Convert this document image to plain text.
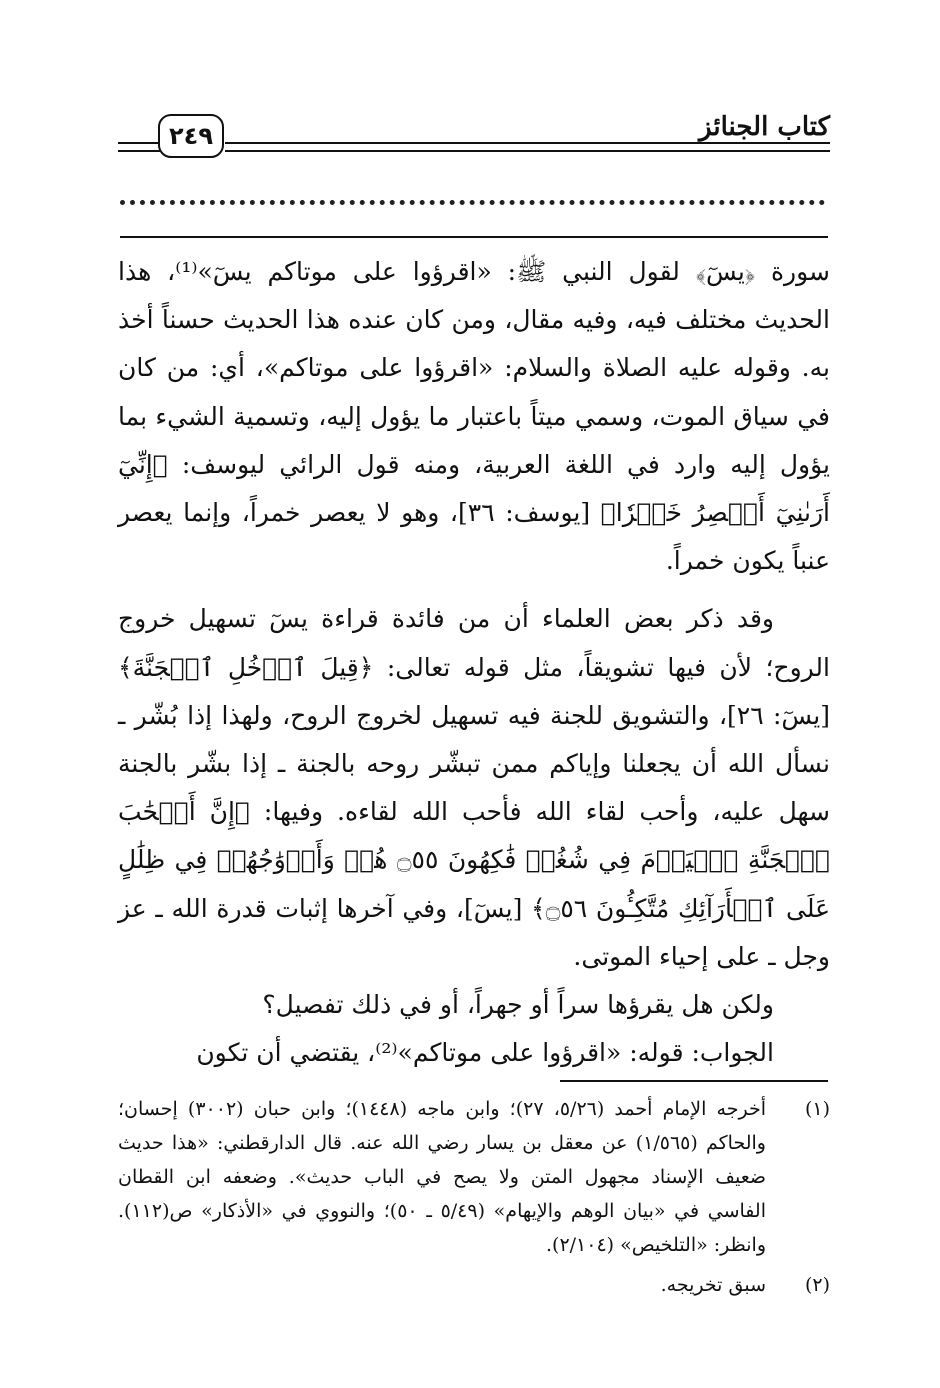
كتاب الجنائز
٢٤٩

سورة ﴿يسٓ﴾ لقول النبي ﷺ: «اقرؤوا على موتاكم يسٓ»⁽¹⁾، هذا الحديث مختلف فيه، وفيه مقال، ومن كان عنده هذا الحديث حسناً أخذ به. وقوله عليه الصلاة والسلام: «اقرؤوا على موتاكم»، أي: من كان في سياق الموت، وسمي ميتاً باعتبار ما يؤول إليه، وتسمية الشيء بما يؤول إليه وارد في اللغة العربية، ومنه قول الرائي ليوسف: ﴿إِنِّيٓ أَرَىٰنِيٓ أَعۡصِرُ خَمۡرٗا﴾ [يوسف: ٣٦]، وهو لا يعصر خمراً، وإنما يعصر عنباً يكون خمراً.

وقد ذكر بعض العلماء أن من فائدة قراءة يسٓ تسهيل خروج الروح؛ لأن فيها تشويقاً، مثل قوله تعالى: ﴿قِيلَ ٱدۡخُلِ ٱلۡجَنَّةَ﴾ [يسٓ: ٢٦]، والتشويق للجنة فيه تسهيل لخروج الروح، ولهذا إذا بُشّر ـ نسأل الله أن يجعلنا وإياكم ممن تبشّر روحه بالجنة ـ إذا بشّر بالجنة سهل عليه، وأحب لقاء الله فأحب الله لقاءه. وفيها: ﴿إِنَّ أَصۡحَٰبَ ٱلۡجَنَّةِ ٱلۡيَوۡمَ فِي شُغُلٖ فَٰكِهُونَ ۝٥٥ هُمۡ وَأَزۡوَٰجُهُمۡ فِي ظِلَٰلٍ عَلَى ٱلۡأَرَآئِكِ مُتَّكِـُٔونَ ۝٥٦﴾ [يسٓ]، وفي آخرها إثبات قدرة الله ـ عز وجل ـ على إحياء الموتى.

ولكن هل يقرؤها سراً أو جهراً، أو في ذلك تفصيل؟

الجواب: قوله: «اقرؤوا على موتاكم»⁽²⁾، يقتضي أن تكون

(١)
أخرجه الإمام أحمد (٥/٢٦، ٢٧)؛ وابن ماجه (١٤٤٨)؛ وابن حبان (٣٠٠٢) إحسان؛ والحاكم (١/٥٦٥) عن معقل بن يسار رضي الله عنه. قال الدارقطني: «هذا حديث ضعيف الإسناد مجهول المتن ولا يصح في الباب حديث». وضعفه ابن القطان الفاسي في «بيان الوهم والإيهام» (٥/٤٩ ـ ٥٠)؛ والنووي في «الأذكار» ص(١١٢). وانظر: «التلخيص» (٢/١٠٤).
(٢)
سبق تخريجه.
